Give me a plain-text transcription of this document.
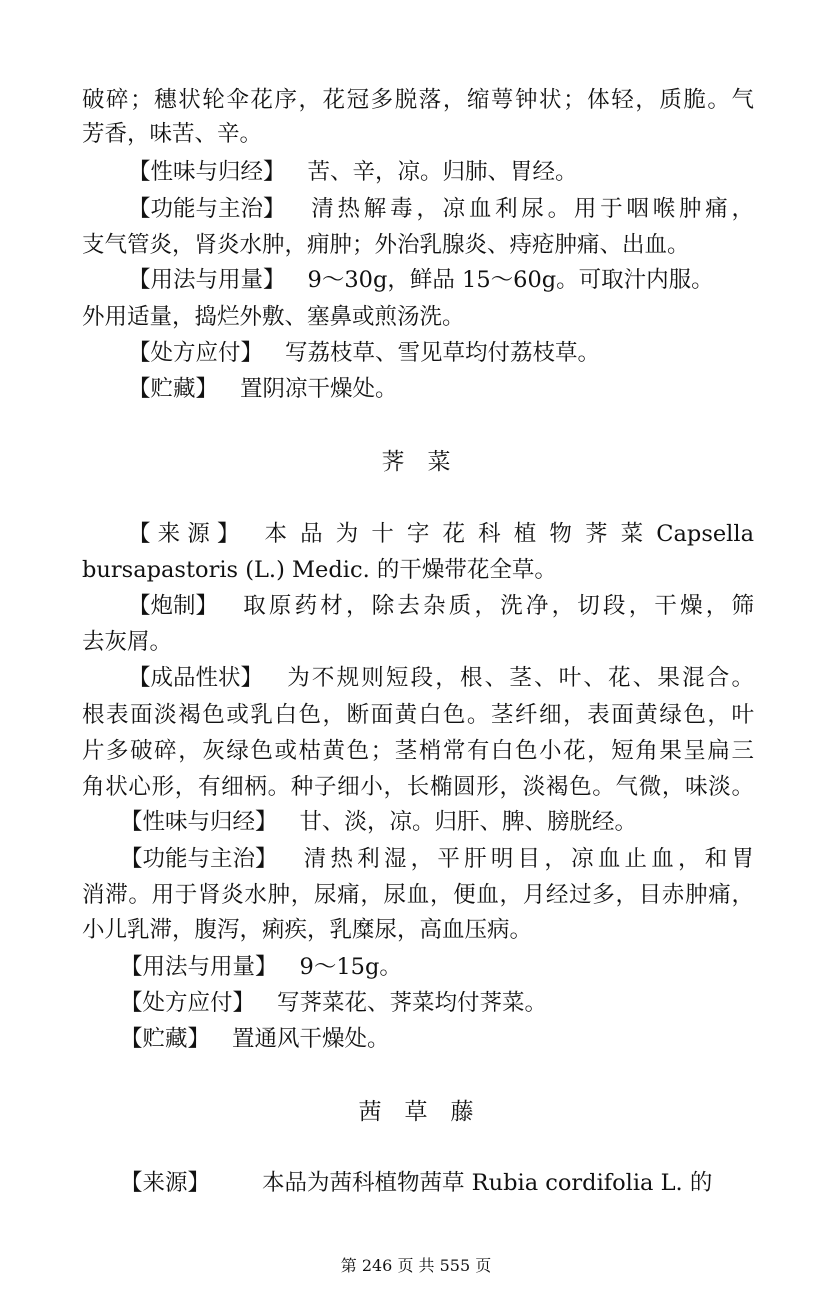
破碎；穗状轮伞花序，花冠多脱落，缩萼钟状；体轻，质脆。气
芳香，味苦、辛。
【性味与归经】 苦、辛，凉。归肺、胃经。
【功能与主治】 清热解毒，凉血利尿。用于咽喉肿痛，
支气管炎，肾炎水肿，痈肿；外治乳腺炎、痔疮肿痛、出血。
【用法与用量】 9～30g，鲜品 15～60g。可取汁内服。
外用适量，捣烂外敷、塞鼻或煎汤洗。
【处方应付】 写荔枝草、雪见草均付荔枝草。
【贮藏】 置阴凉干燥处。
荠　菜
【 来 源 】 本 品 为 十 字 花 科 植 物 荠 菜 Capsella
bursapastoris (L.) Medic. 的干燥带花全草。
【炮制】 取原药材，除去杂质，洗净，切段，干燥，筛
去灰屑。
【成品性状】 为不规则短段，根、茎、叶、花、果混合。
根表面淡褐色或乳白色，断面黄白色。茎纤细，表面黄绿色，叶
片多破碎，灰绿色或枯黄色；茎梢常有白色小花，短角果呈扁三
角状心形，有细柄。种子细小，长椭圆形，淡褐色。气微，味淡。
【性味与归经】 甘、淡，凉。归肝、脾、膀胱经。
【功能与主治】 清热利湿，平肝明目，凉血止血，和胃
消滞。用于肾炎水肿，尿痛，尿血，便血，月经过多，目赤肿痛，
小儿乳滞，腹泻，痢疾，乳糜尿，高血压病。
【用法与用量】 9～15g。
【处方应付】 写荠菜花、荠菜均付荠菜。
【贮藏】 置通风干燥处。
茜　草　藤
【来源】 本品为茜科植物茜草 Rubia cordifolia L. 的
第 246 页 共 555 页
